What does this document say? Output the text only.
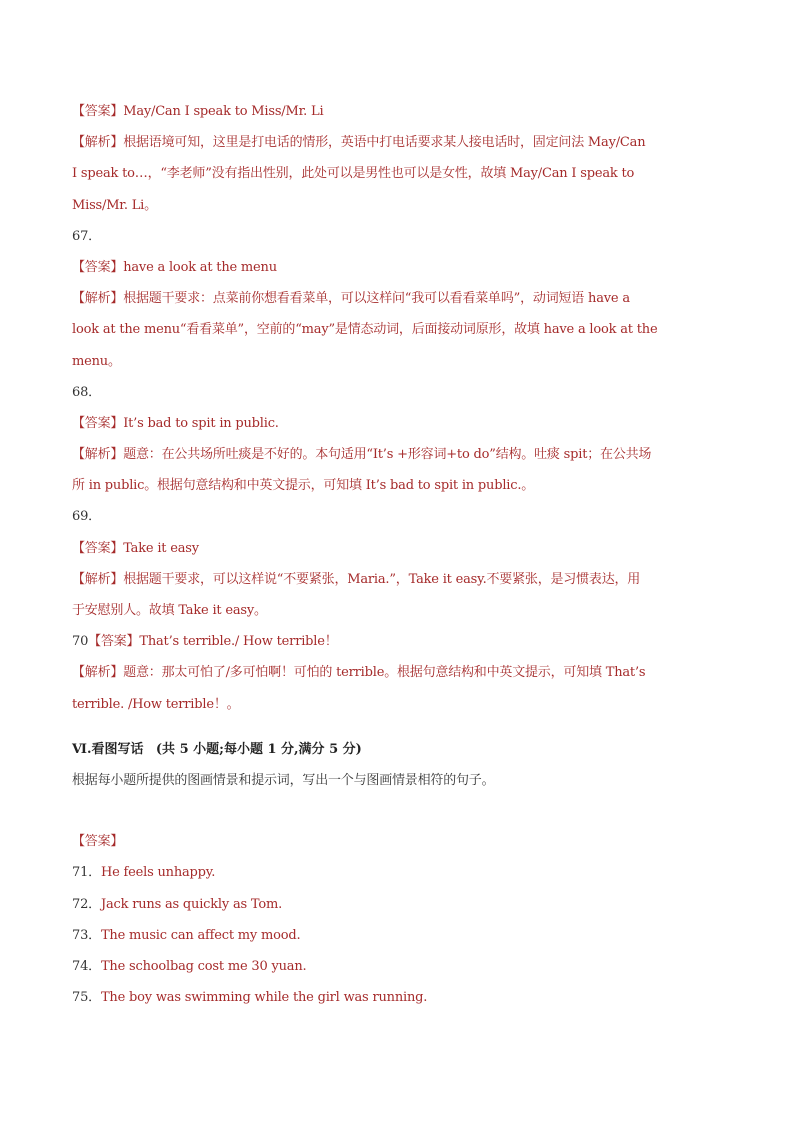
【答案】May/Can I speak to Miss/Mr. Li
【解析】根据语境可知，这里是打电话的情形，英语中打电话要求某人接电话时，固定问法 May/Can
I speak to…，“李老师”没有指出性别，此处可以是男性也可以是女性，故填 May/Can I speak to
Miss/Mr. Li。
67．
【答案】have a look at the menu
【解析】根据题干要求：点菜前你想看看菜单，可以这样问“我可以看看菜单吗”，动词短语 have a
look at the menu“看看菜单”，空前的“may”是情态动词，后面接动词原形，故填 have a look at the
menu。
68．
【答案】It’s bad to spit in public.
【解析】题意：在公共场所吐痰是不好的。本句适用“It’s +形容词+to do”结构。吐痰 spit；在公共场
所 in public。根据句意结构和中英文提示，可知填 It’s bad to spit in public.。
69．
【答案】Take it easy
【解析】根据题干要求，可以这样说“不要紧张，Maria.”，Take it easy.不要紧张，是习惯表达，用
于安慰别人。故填 Take it easy。
70【答案】That’s terrible./ How terrible！
【解析】题意：那太可怕了/多可怕啊！可怕的 terrible。根据句意结构和中英文提示，可知填 That’s
terrible. /How terrible！。
Ⅵ.看图写话 (共 5 小题;每小题 1 分,满分 5 分)
根据每小题所提供的图画情景和提示词，写出一个与图画情景相符的句子。
【答案】
71．He feels unhappy.
72．Jack runs as quickly as Tom.
73．The music can affect my mood.
74．The schoolbag cost me 30 yuan.
75．The boy was swimming while the girl was running.
